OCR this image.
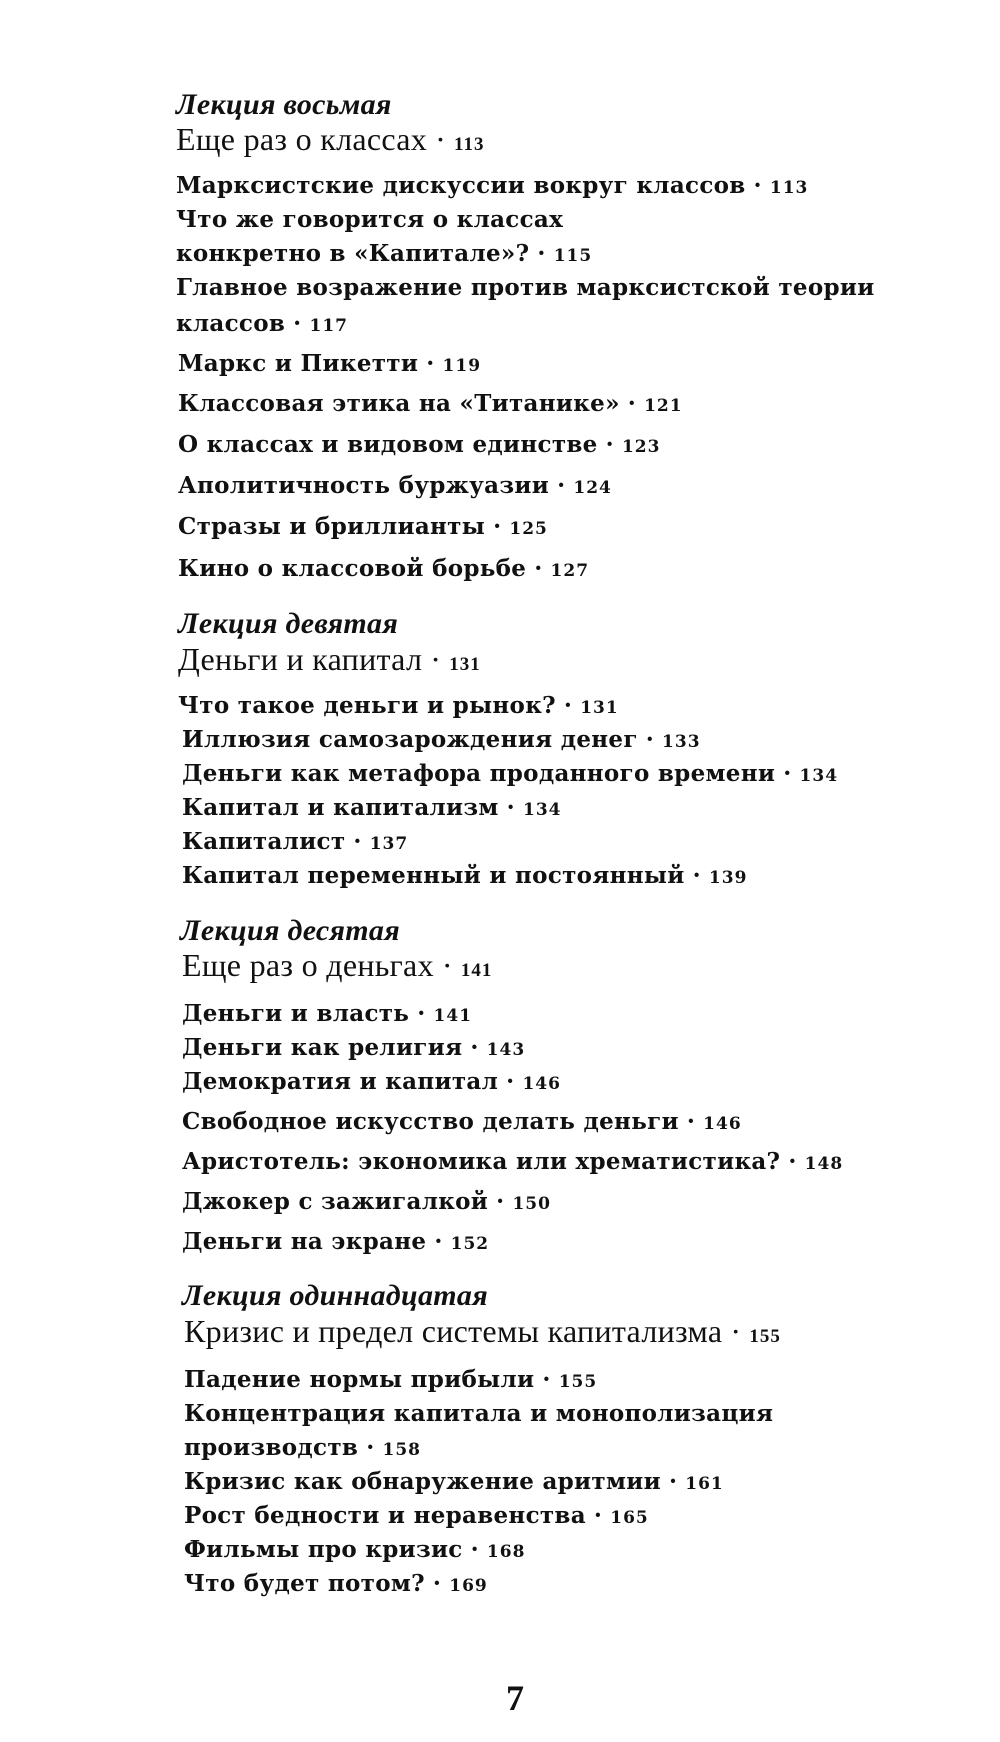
Лекция восьмая
Еще раз о классах · 113
Марксистские дискуссии вокруг классов · 113
Что же говорится о классах
конкретно в «Капитале»? · 115
Главное возражение против марксистской теории
классов · 117
Маркс и Пикетти · 119
Классовая этика на «Титанике» · 121
О классах и видовом единстве · 123
Аполитичность буржуазии · 124
Стразы и бриллианты · 125
Кино о классовой борьбе · 127
Лекция девятая
Деньги и капитал · 131
Что такое деньги и рынок? · 131
Иллюзия самозарождения денег · 133
Деньги как метафора проданного времени · 134
Капитал и капитализм · 134
Капиталист · 137
Капитал переменный и постоянный · 139
Лекция десятая
Еще раз о деньгах · 141
Деньги и власть · 141
Деньги как религия · 143
Демократия и капитал · 146
Свободное искусство делать деньги · 146
Аристотель: экономика или хрематистика? · 148
Джокер с зажигалкой · 150
Деньги на экране · 152
Лекция одиннадцатая
Кризис и предел системы капитализма · 155
Падение нормы прибыли · 155
Концентрация капитала и монополизация
производств · 158
Кризис как обнаружение аритмии · 161
Рост бедности и неравенства · 165
Фильмы про кризис · 168
Что будет потом? · 169
7
